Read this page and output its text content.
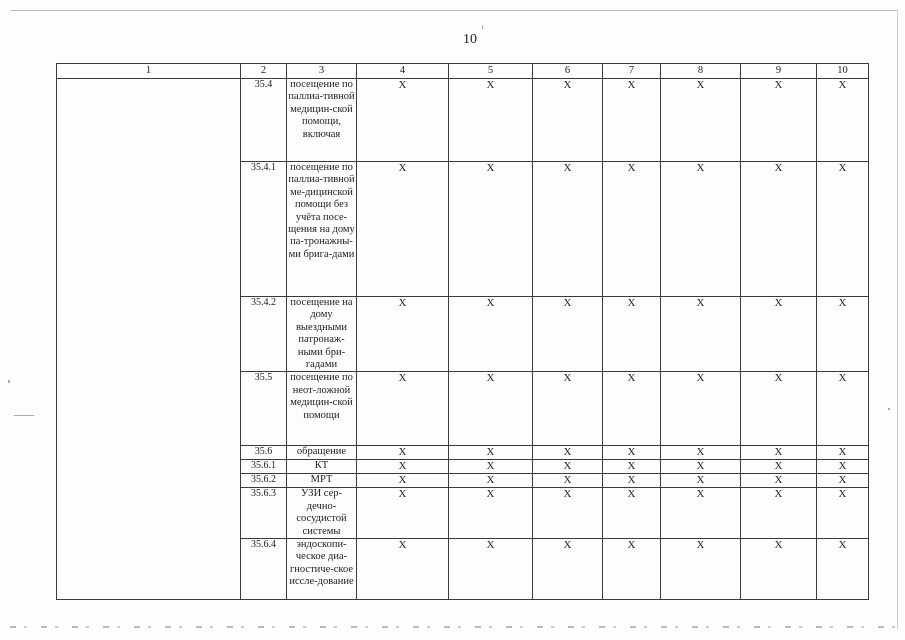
10
1	2	3	4	5	6	7	8	9	10
	35.4	посещение по паллиа-тивной медицин-ской помощи, включая	X	X	X	X	X	X	X
	35.4.1	посещение по паллиа-тивной ме-дицинской помощи без учёта посе-щения на дому па-тронажны-ми брига-дами	X	X	X	X	X	X	X
	35.4.2	посещение на дому выездными патронаж-ными бри-гадами	X	X	X	X	X	X	X
	35.5	посещение по неот-ложной медицин-ской помощи	X	X	X	X	X	X	X
	35.6	обращение	X	X	X	X	X	X	X
	35.6.1	КТ	X	X	X	X	X	X	X
	35.6.2	МРТ	X	X	X	X	X	X	X
	35.6.3	УЗИ сер-дечно-сосудистой системы	X	X	X	X	X	X	X
	35.6.4	эндоскопи-ческое диа-гностиче-ское иссле-дование	X	X	X	X	X	X	X
